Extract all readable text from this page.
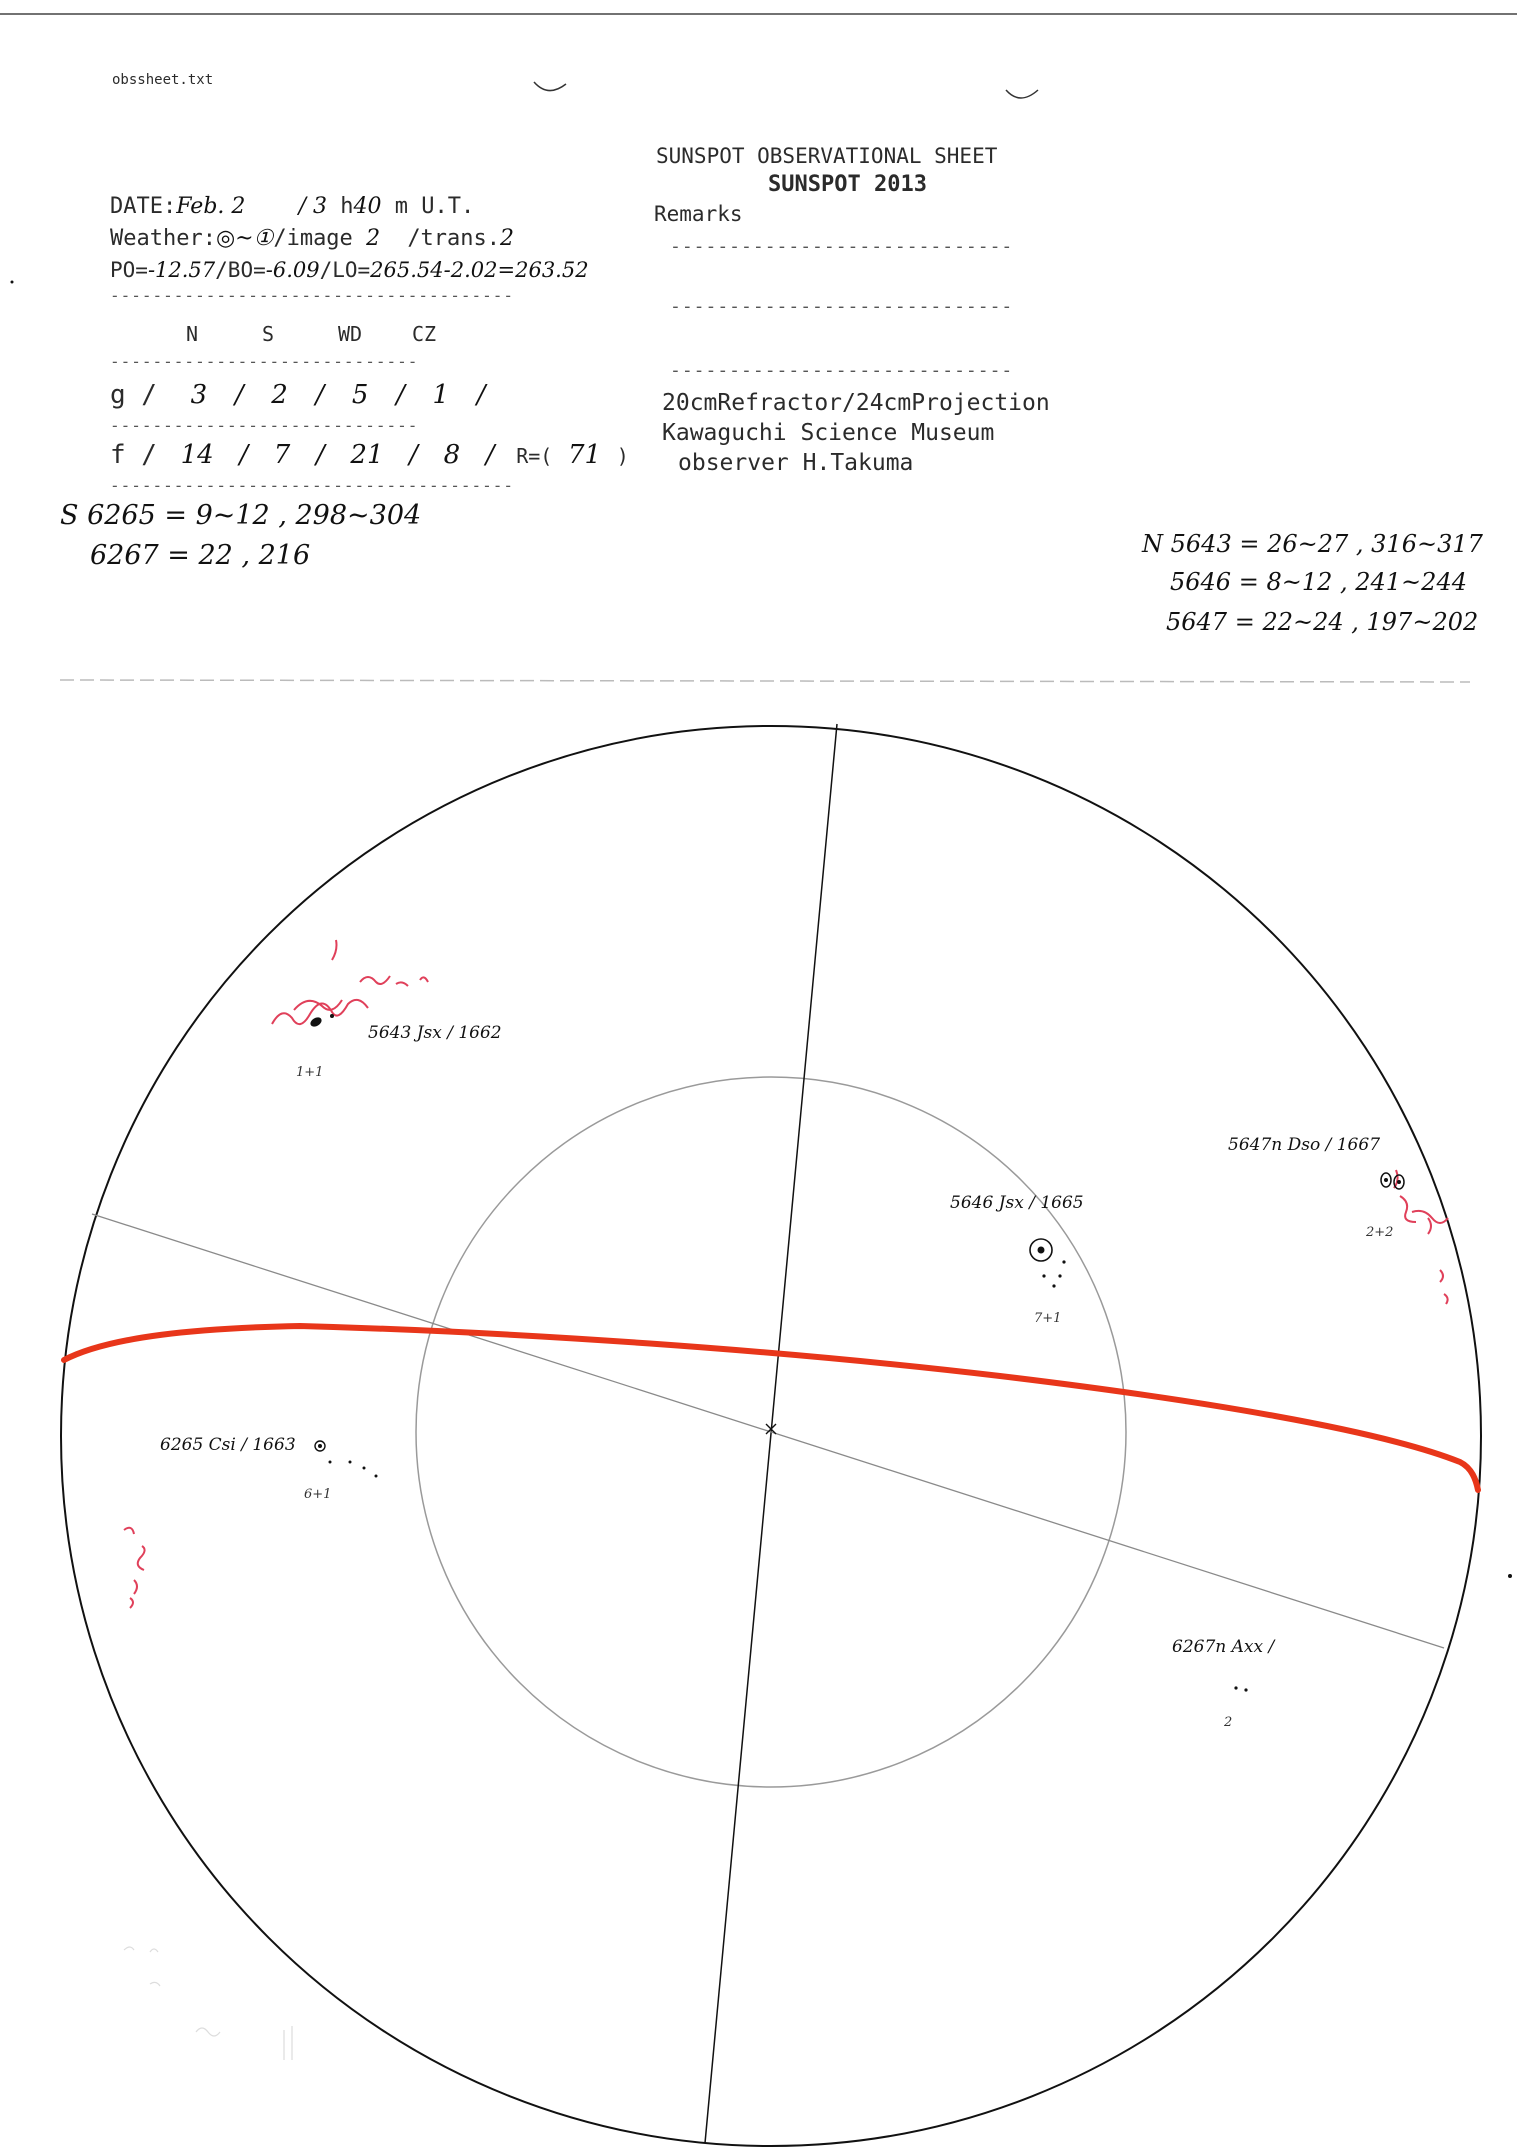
obssheet.txt
SUNSPOT OBSERVATIONAL SHEET
SUNSPOT 2013
Remarks
-----------------------------
-----------------------------
-----------------------------
DATE:Feb. 2 / 3 h40 m U.T.
Weather:◎~①/image 2 /trans.2
PO=-12.57/BO=-6.09/LO=265.54-2.02=263.52
--------------------------------------
N	S	WD CZ
-----------------------------
g / 3 / 2 / 5 / 1 /
-----------------------------
f / 14 / 7 / 21 / 8 / R=( 71 )
--------------------------------------
20cmRefractor/24cmProjection
Kawaguchi Science Museum
observer H.Takuma
S 6265 = 9~12 , 298~304
6267 = 22 , 216	N 5643 = 26~27 , 316~317
5646 = 8~12 , 241~244
5647 = 22~24 , 197~202
5643 Jsx / 1662
1+1
5647n Dso / 1667
2+2
5646 Jsx / 1665
7+1
6265 Csi / 1663
6+1
6267n Axx /
2
